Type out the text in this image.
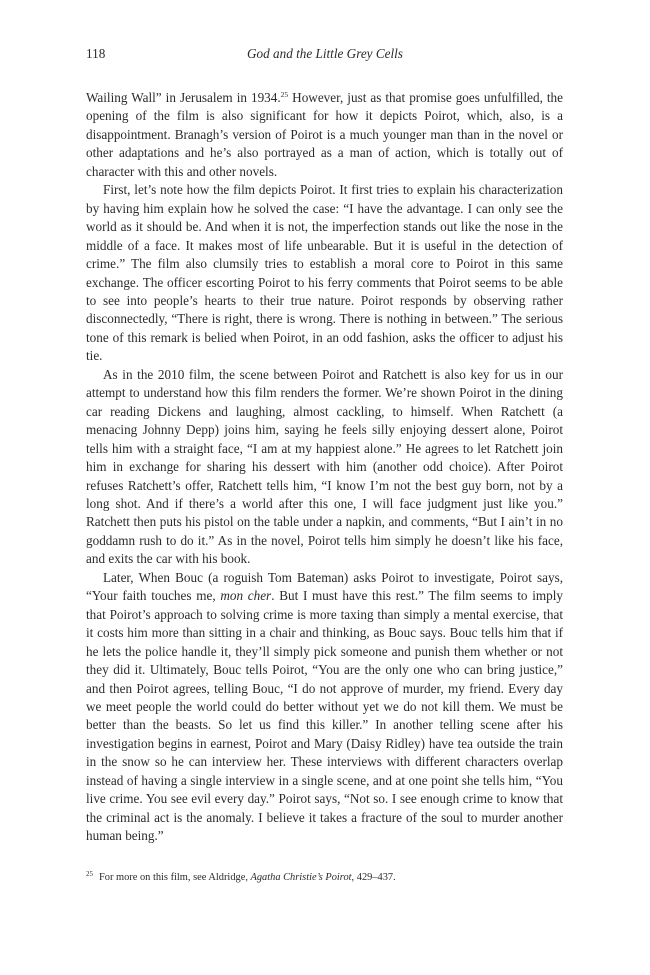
118	God and the Little Grey Cells

Wailing Wall” in Jerusalem in 1934.25 However, just as that promise goes unfulfilled, the opening of the film is also significant for how it depicts Poirot, which, also, is a disappointment. Branagh’s version of Poirot is a much younger man than in the novel or other adaptations and he’s also portrayed as a man of action, which is totally out of character with this and other novels.

First, let’s note how the film depicts Poirot. It first tries to explain his characterization by having him explain how he solved the case: “I have the advantage. I can only see the world as it should be. And when it is not, the imperfection stands out like the nose in the middle of a face. It makes most of life unbearable. But it is useful in the detection of crime.” The film also clumsily tries to establish a moral core to Poirot in this same exchange. The officer escorting Poirot to his ferry comments that Poirot seems to be able to see into people’s hearts to their true nature. Poirot responds by observing rather disconnectedly, “There is right, there is wrong. There is nothing in between.” The serious tone of this remark is belied when Poirot, in an odd fashion, asks the officer to adjust his tie.

As in the 2010 film, the scene between Poirot and Ratchett is also key for us in our attempt to understand how this film renders the former. We’re shown Poirot in the dining car reading Dickens and laughing, almost cackling, to himself. When Ratchett (a menacing Johnny Depp) joins him, saying he feels silly enjoying dessert alone, Poirot tells him with a straight face, “I am at my happiest alone.” He agrees to let Ratchett join him in exchange for sharing his dessert with him (another odd choice). After Poirot refuses Ratchett’s offer, Ratchett tells him, “I know I’m not the best guy born, not by a long shot. And if there’s a world after this one, I will face judgment just like you.” Ratchett then puts his pistol on the table under a napkin, and comments, “But I ain’t in no goddamn rush to do it.” As in the novel, Poirot tells him simply he doesn’t like his face, and exits the car with his book.

Later, When Bouc (a roguish Tom Bateman) asks Poirot to investigate, Poirot says, “Your faith touches me, mon cher. But I must have this rest.” The film seems to imply that Poirot’s approach to solving crime is more taxing than simply a mental exercise, that it costs him more than sitting in a chair and thinking, as Bouc says. Bouc tells him that if he lets the police handle it, they’ll simply pick someone and punish them whether or not they did it. Ultimately, Bouc tells Poirot, “You are the only one who can bring justice,” and then Poirot agrees, telling Bouc, “I do not approve of murder, my friend. Every day we meet people the world could do better without yet we do not kill them. We must be better than the beasts. So let us find this killer.” In another telling scene after his investigation begins in earnest, Poirot and Mary (Daisy Ridley) have tea outside the train in the snow so he can interview her. These interviews with different characters overlap instead of having a single interview in a single scene, and at one point she tells him, “You live crime. You see evil every day.” Poirot says, “Not so. I see enough crime to know that the criminal act is the anomaly. I believe it takes a fracture of the soul to murder another human being.”

$^{25}$ For more on this film, see Aldridge, Agatha Christie’s Poirot, 429–437.
